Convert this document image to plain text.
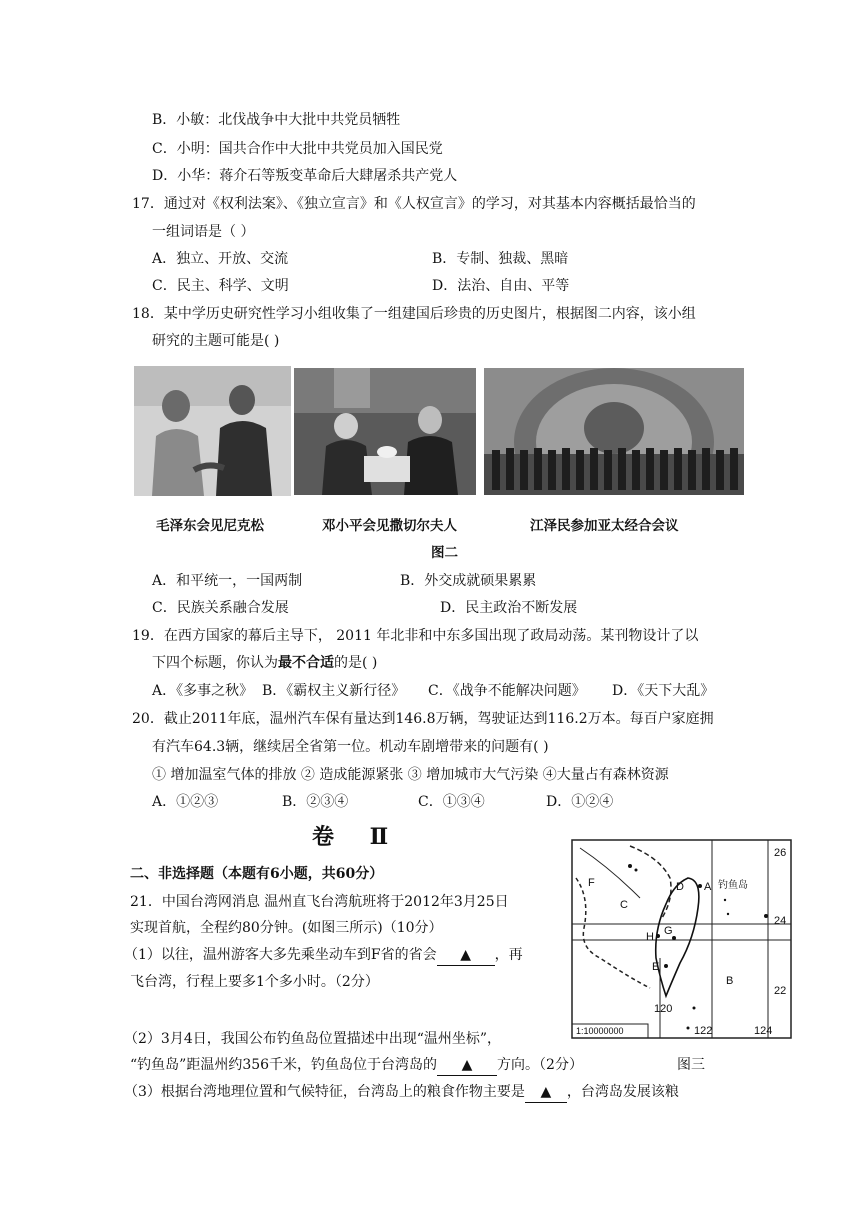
B．小敏：北伐战争中大批中共党员牺牲
C．小明：国共合作中大批中共党员加入国民党
D．小华：蒋介石等叛变革命后大肆屠杀共产党人
17．通过对《权利法案》、《独立宣言》和《人权宣言》的学习，对其基本内容概括最恰当的
一组词语是（ ）
A．独立、开放、交流	B．专制、独裁、黑暗
C．民主、科学、文明	D．法治、自由、平等
18．某中学历史研究性学习小组收集了一组建国后珍贵的历史图片，根据图二内容，该小组
研究的主题可能是( )
毛泽东会见尼克松	邓小平会见撒切尔夫人	江泽民参加亚太经合会议
图二
A．和平统一，一国两制	B．外交成就硕果累累
C．民族关系融合发展	D．民主政治不断发展
19．在西方国家的幕后主导下， 2011 年北非和中东多国出现了政局动荡。某刊物设计了以
下四个标题，你认为最不合适的是( )
A．《多事之秋》 B．《霸权主义新行径》 C．《战争不能解决问题》 D．《天下大乱》
20．截止2011年底，温州汽车保有量达到146.8万辆，驾驶证达到116.2万本。每百户家庭拥
有汽车64.3辆，继续居全省第一位。机动车剧增带来的问题有( )
① 增加温室气体的排放 ② 造成能源紧张 ③ 增加城市大气污染 ④大量占有森林资源
A．①②③	B．②③④	C．①③④	D．①②④
卷 Ⅱ
二、非选择题（本题有6小题，共60分）
21．中国台湾网消息 温州直飞台湾航班将于2012年3月25日
实现首航，全程约80分钟。(如图三所示)（10分）
（1）以往，温州游客大多先乘坐动车到F省的省会 ▲ ，再
飞台湾，行程上要多1个多小时。（2分）
（2）3月4日，我国公布钓鱼岛位置描述中出现“温州坐标”，
“钓鱼岛”距温州约356千米，钓鱼岛位于台湾岛的 ▲ 方向。（2分）	图三
（3）根据台湾地理位置和气候特征，台湾岛上的粮食作物主要是 ▲ ，台湾岛发展该粮
钓鱼岛
26
24
22
120
122	124
1:10000000
F
C
B
A
D
H G
E
